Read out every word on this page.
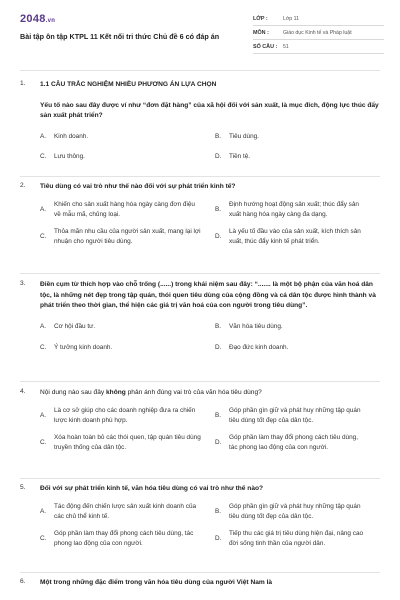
2048.vn
Bài tập ôn tập KTPL 11 Kết nối tri thức Chủ đề 6 có đáp án
LỚP :	Lớp 11
MÔN :	Giáo dục Kinh tế và Pháp luật
SỐ CÂU :	51
1.	1.1 CÂU TRẮC NGHIỆM NHIỀU PHƯƠNG ÁN LỰA CHỌN
Yếu tố nào sau đây được ví như “đơn đặt hàng” của xã hội đối với sản xuất, là mục đích, động lực thúc đẩy sản xuất phát triển?
A.	Kinh doanh.	B.	Tiêu dùng.
C.	Lưu thông.	D.	Tiền tệ.
2.	Tiêu dùng có vai trò như thế nào đối với sự phát triển kinh tế?
A.
Khiến cho sản xuất hàng hóa ngày càng đơn điệu về mẫu mã, chủng loại.
B.
Định hướng hoạt động sản xuất; thúc đẩy sản xuất hàng hóa ngày càng đa dạng.
C.
Thỏa mãn nhu cầu của người sản xuất, mang lại lợi nhuận cho người tiêu dùng.
D.
Là yếu tố đầu vào của sản xuất, kích thích sản xuất, thúc đẩy kinh tế phát triển.
3.	Điền cụm từ thích hợp vào chỗ trống (......) trong khái niệm sau đây: “....... là một bộ phận của văn hoá dân tộc, là những nét đẹp trong tập quán, thói quen tiêu dùng của cộng đồng và cá dân tộc được hình thành và phát triển theo thời gian, thể hiện các giá trị văn hoá của con người trong tiêu dùng”.
A.	Cơ hội đầu tư.	B.	Văn hóa tiêu dùng.
C.	Ý tưởng kinh doanh.	D.	Đạo đức kinh doanh.
4.	Nội dung nào sau đây không phản ánh đúng vai trò của văn hóa tiêu dùng?
A.
Là cơ sở giúp cho các doanh nghiệp đưa ra chiến lược kinh doanh phù hợp.
B.
Góp phần gìn giữ và phát huy những tập quán tiêu dùng tốt đẹp của dân tộc.
C.
Xóa hoàn toàn bỏ các thói quen, tập quán tiêu dùng truyền thống của dân tộc.
D.
Góp phần làm thay đổi phong cách tiêu dùng, tác phong lao động của con người.
5.	Đối với sự phát triển kinh tế, văn hóa tiêu dùng có vai trò như thế nào?
A.
Tác động đến chiến lược sản xuất kinh doanh của các chủ thể kinh tế.
B.
Góp phần gìn giữ và phát huy những tập quán tiêu dùng tốt đẹp của dân tộc.
C.
Góp phần làm thay đổi phong cách tiêu dùng, tác phong lao động của con người.
D.
Tiếp thu các giá trị tiêu dùng hiện đại, nâng cao đời sống tinh thần của người dân.
6.	Một trong những đặc điểm trong văn hóa tiêu dùng của người Việt Nam là
